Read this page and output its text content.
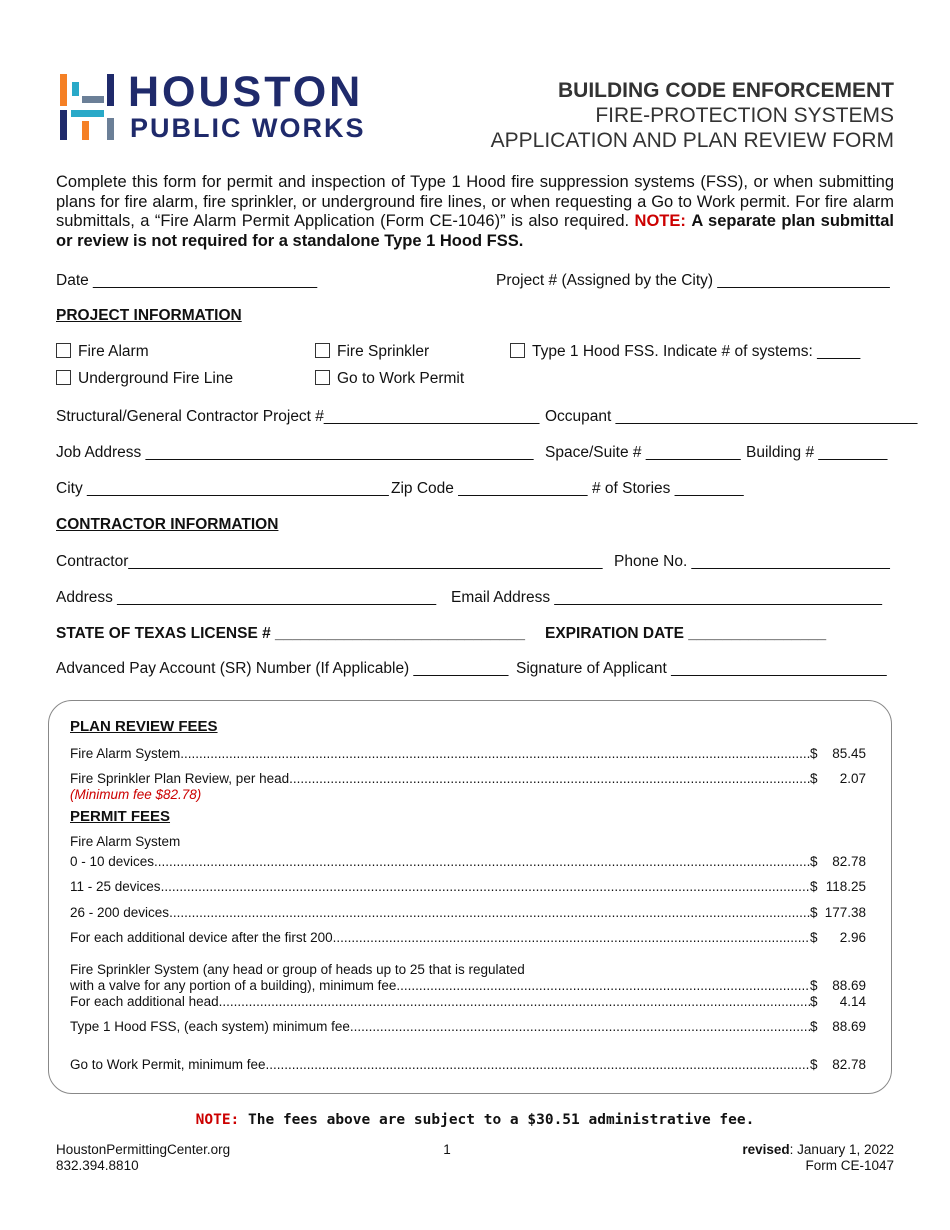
HOUSTON
PUBLIC WORKS
BUILDING CODE ENFORCEMENT
FIRE-PROTECTION SYSTEMS
APPLICATION AND PLAN REVIEW FORM
Complete this form for permit and inspection of Type 1 Hood fire suppression systems (FSS), or when submitting plans for fire alarm, fire sprinkler, or underground fire lines, or when requesting a Go to Work permit. For fire alarm submittals, a “Fire Alarm Permit Application (Form CE-1046)” is also required. NOTE: A separate plan submittal or review is not required for a standalone Type 1 Hood FSS.
Date __________________________	Project # (Assigned by the City) ____________________
PROJECT INFORMATION
Fire Alarm	Fire Sprinkler	Type 1 Hood FSS. Indicate # of systems: _____
Underground Fire Line	Go to Work Permit
Structural/General Contractor Project #_________________________ Occupant ___________________________________
Job Address _____________________________________________ Space/Suite # ___________ Building # ________
City ___________________________________ Zip Code _______________ # of Stories ________
CONTRACTOR INFORMATION
Contractor_______________________________________________________ Phone No. _______________________
Address _____________________________________ Email Address ______________________________________
STATE OF TEXAS LICENSE # _____________________________ EXPIRATION DATE ________________
Advanced Pay Account (SR) Number (If Applicable) ___________ Signature of Applicant _________________________
PLAN REVIEW FEES
Fire Alarm System .....	$ 85.45
Fire Sprinkler Plan Review, per head .....	$ 2.07
(Minimum fee $82.78)
PERMIT FEES
Fire Alarm System
0 - 10 devices .....	$ 82.78
11 - 25 devices .....	$ 118.25
26 - 200 devices .....	$ 177.38
For each additional device after the first 200 .....	$ 2.96
Fire Sprinkler System (any head or group of heads up to 25 that is regulated
with a valve for any portion of a building), minimum fee .....	$ 88.69
For each additional head .....	$ 4.14
Type 1 Hood FSS, (each system) minimum fee .....	$ 88.69
Go to Work Permit, minimum fee .....	$ 82.78
NOTE: The fees above are subject to a $30.51 administrative fee.
HoustonPermittingCenter.org
832.394.8810
1	revised: January 1, 2022
Form CE-1047
